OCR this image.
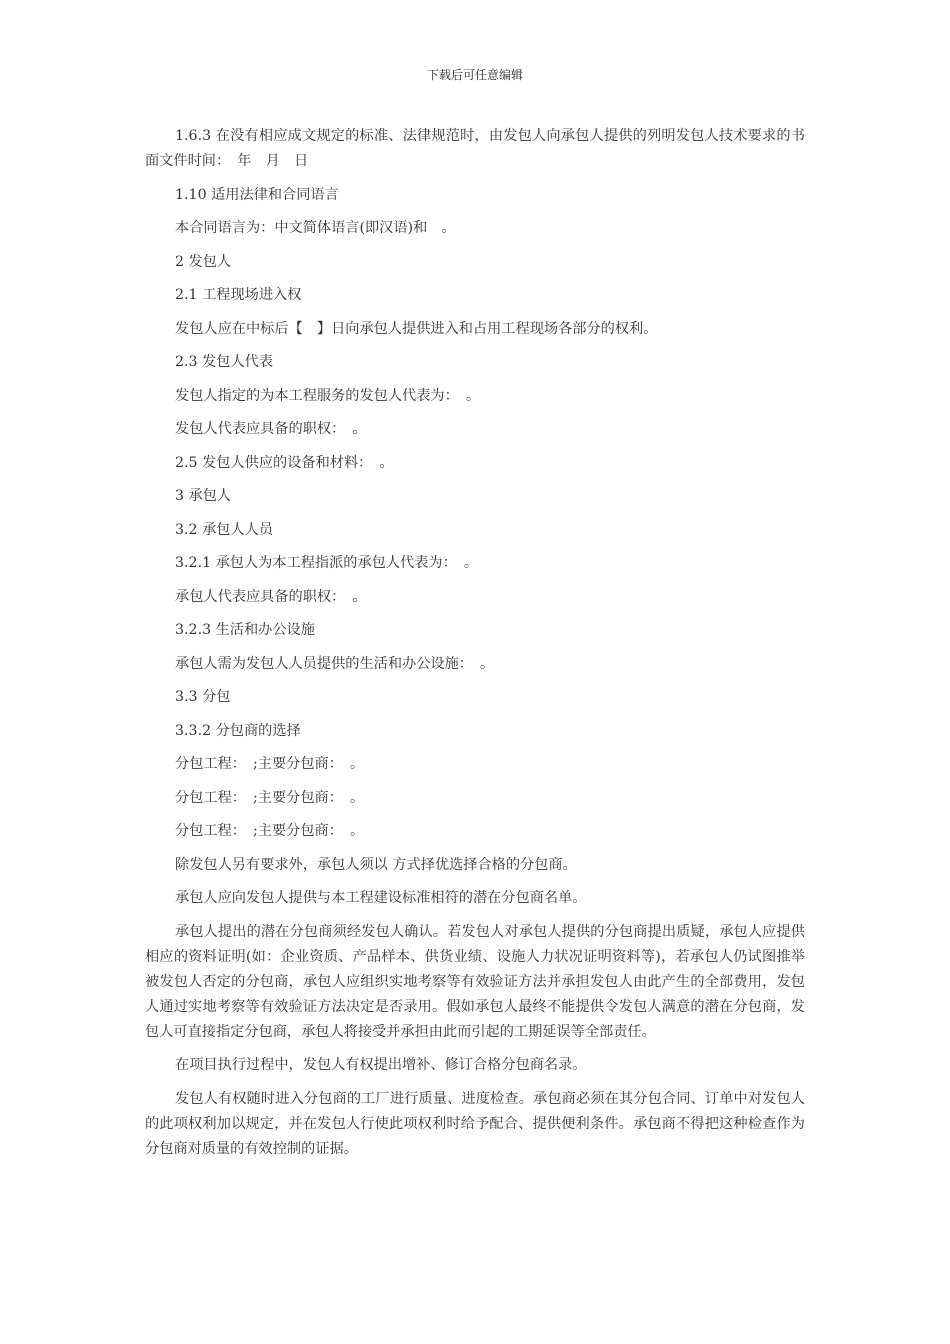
下载后可任意编辑

1.6.3 在没有相应成文规定的标准、法律规范时，由发包人向承包人提供的列明发包人技术要求的书面文件时间：　年　月　日

1.10 适用法律和合同语言

本合同语言为：中文简体语言(即汉语)和　。

2 发包人

2.1 工程现场进入权

发包人应在中标后【　】日向承包人提供进入和占用工程现场各部分的权利。

2.3 发包人代表

发包人指定的为本工程服务的发包人代表为：　。

发包人代表应具备的职权：　。

2.5 发包人供应的设备和材料：　。

3 承包人

3.2 承包人人员

3.2.1 承包人为本工程指派的承包人代表为：　。

承包人代表应具备的职权：　。

3.2.3 生活和办公设施

承包人需为发包人人员提供的生活和办公设施：　。

3.3 分包

3.3.2 分包商的选择

分包工程：　;主要分包商：　。

分包工程：　;主要分包商：　。

分包工程：　;主要分包商：　。

除发包人另有要求外，承包人须以 方式择优选择合格的分包商。

承包人应向发包人提供与本工程建设标准相符的潜在分包商名单。

承包人提出的潜在分包商须经发包人确认。若发包人对承包人提供的分包商提出质疑，承包人应提供相应的资料证明(如：企业资质、产品样本、供货业绩、设施人力状况证明资料等)，若承包人仍试图推举被发包人否定的分包商，承包人应组织实地考察等有效验证方法并承担发包人由此产生的全部费用，发包人通过实地考察等有效验证方法决定是否录用。假如承包人最终不能提供令发包人满意的潜在分包商，发包人可直接指定分包商，承包人将接受并承担由此而引起的工期延误等全部责任。

在项目执行过程中，发包人有权提出增补、修订合格分包商名录。

发包人有权随时进入分包商的工厂进行质量、进度检查。承包商必须在其分包合同、订单中对发包人的此项权利加以规定，并在发包人行使此项权利时给予配合、提供便利条件。承包商不得把这种检查作为分包商对质量的有效控制的证据。
